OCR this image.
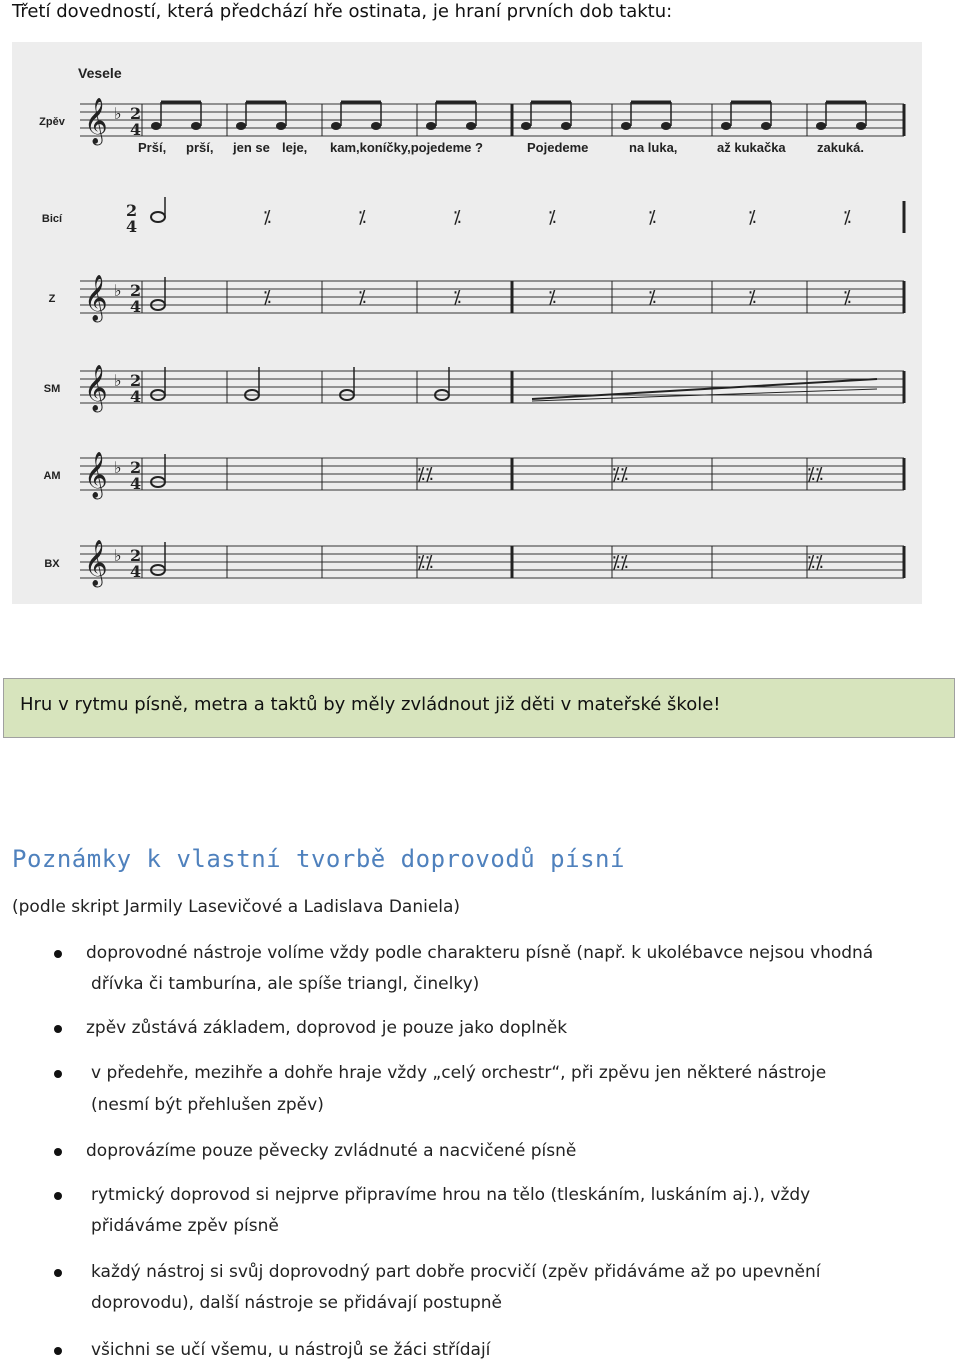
Třetí dovedností, která předchází hře ostinata, je hraní prvních dob taktu:
Vesele
Zpěv 𝄞 ♭ 2
4
Bicí	2
4	⁒	⁒	⁒	⁒	⁒	⁒	⁒
Z 𝄞 ♭ 2
4	⁒	⁒	⁒	⁒	⁒	⁒	⁒
SM 𝄞 ♭ 2
4
AM 𝄞 ♭ 2
4	⁒⁒	⁒⁒	⁒⁒
BX 𝄞 ♭ 2
4	⁒⁒	⁒⁒	⁒⁒
Prší, prší, jen se leje, kam,koníčky,pojedeme ?	Pojedeme	na luka,	až kukačka zakuká.
Hru v rytmu písně, metra a taktů by měly zvládnout již děti v mateřské škole!
Poznámky k vlastní tvorbě doprovodů písní
(podle skript Jarmily Lasevičové a Ladislava Daniela)
doprovodné nástroje volíme vždy podle charakteru písně (např. k ukolébavce nejsou vhodná
dřívka či tamburína, ale spíše triangl, činelky)
zpěv zůstává základem, doprovod je pouze jako doplněk
v předehře, mezihře a dohře hraje vždy „celý orchestr“, při zpěvu jen některé nástroje
(nesmí být přehlušen zpěv)
doprovázíme pouze pěvecky zvládnuté a nacvičené písně
rytmický doprovod si nejprve připravíme hrou na tělo (tleskáním, luskáním aj.), vždy
přidáváme zpěv písně
každý nástroj si svůj doprovodný part dobře procvičí (zpěv přidáváme až po upevnění
doprovodu), další nástroje se přidávají postupně
všichni se učí všemu, u nástrojů se žáci střídají
